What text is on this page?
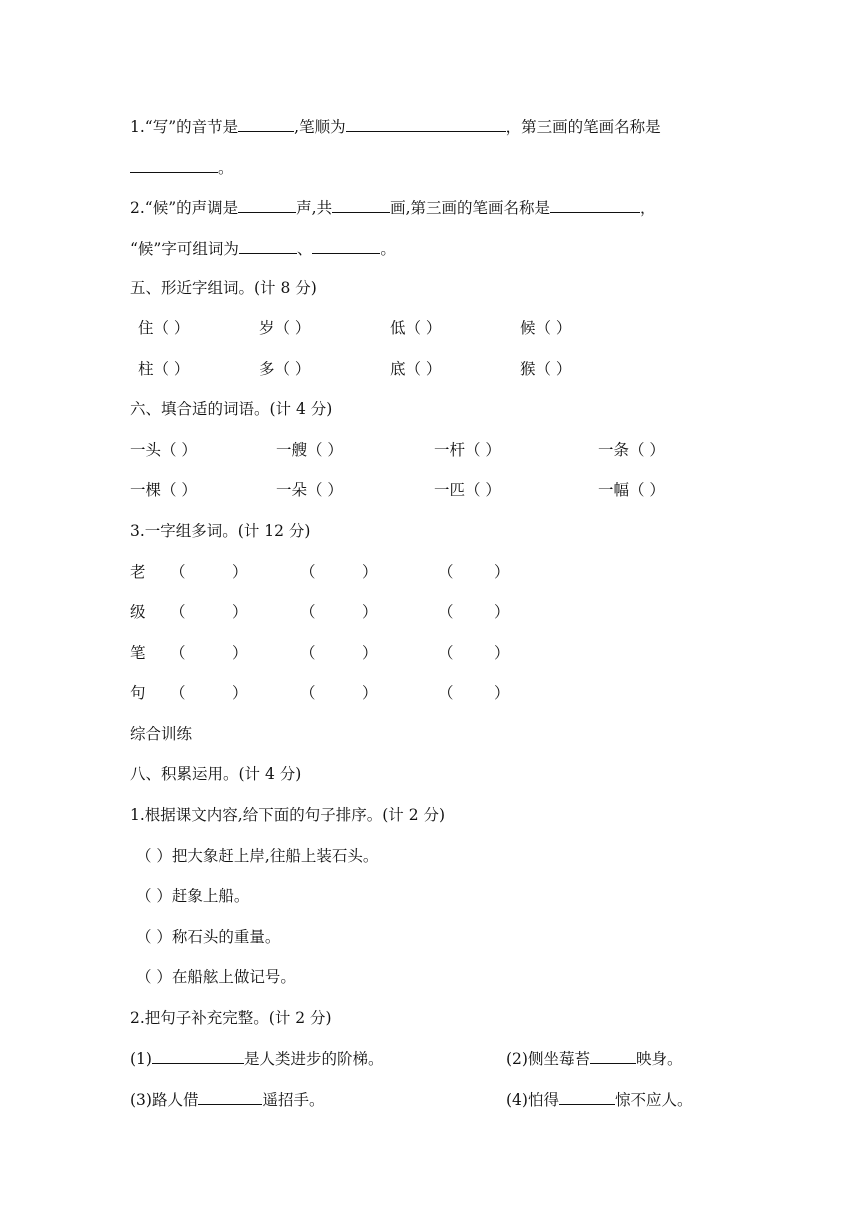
1.“写”的音节是	,笔顺为	，第三画的笔画名称是
。
2.“候”的声调是	声,共	画,第三画的笔画名称是	，
“候”字可组词为	、	。
五、形近字组词。(计 8 分)
住（ ）	岁（ ）	低（ ）	候（ ）
柱（ ）	多（ ）	底（ ）	猴（ ）
六、填合适的词语。(计 4 分)
一头（ ）	一艘（ ）	一杆（ ）	一条（ ）
一棵（ ）	一朵（ ）	一匹（ ）	一幅（ ）
3.一字组多词。(计 12 分)
老 （	）	（	）	（	）
级 （	）	（	）	（	）
笔 （	）	（	）	（	）
句 （	）	（	）	（	）
综合训练
八、积累运用。(计 4 分)
1.根据课文内容,给下面的句子排序。(计 2 分)
（ ）把大象赶上岸,往船上装石头。
（ ）赶象上船。
（ ）称石头的重量。
（ ）在船舷上做记号。
2.把句子补充完整。(计 2 分)
(1)	是人类进步的阶梯。	(2)侧坐莓苔	映身。
(3)路人借	遥招手。	(4)怕得	惊不应人。
